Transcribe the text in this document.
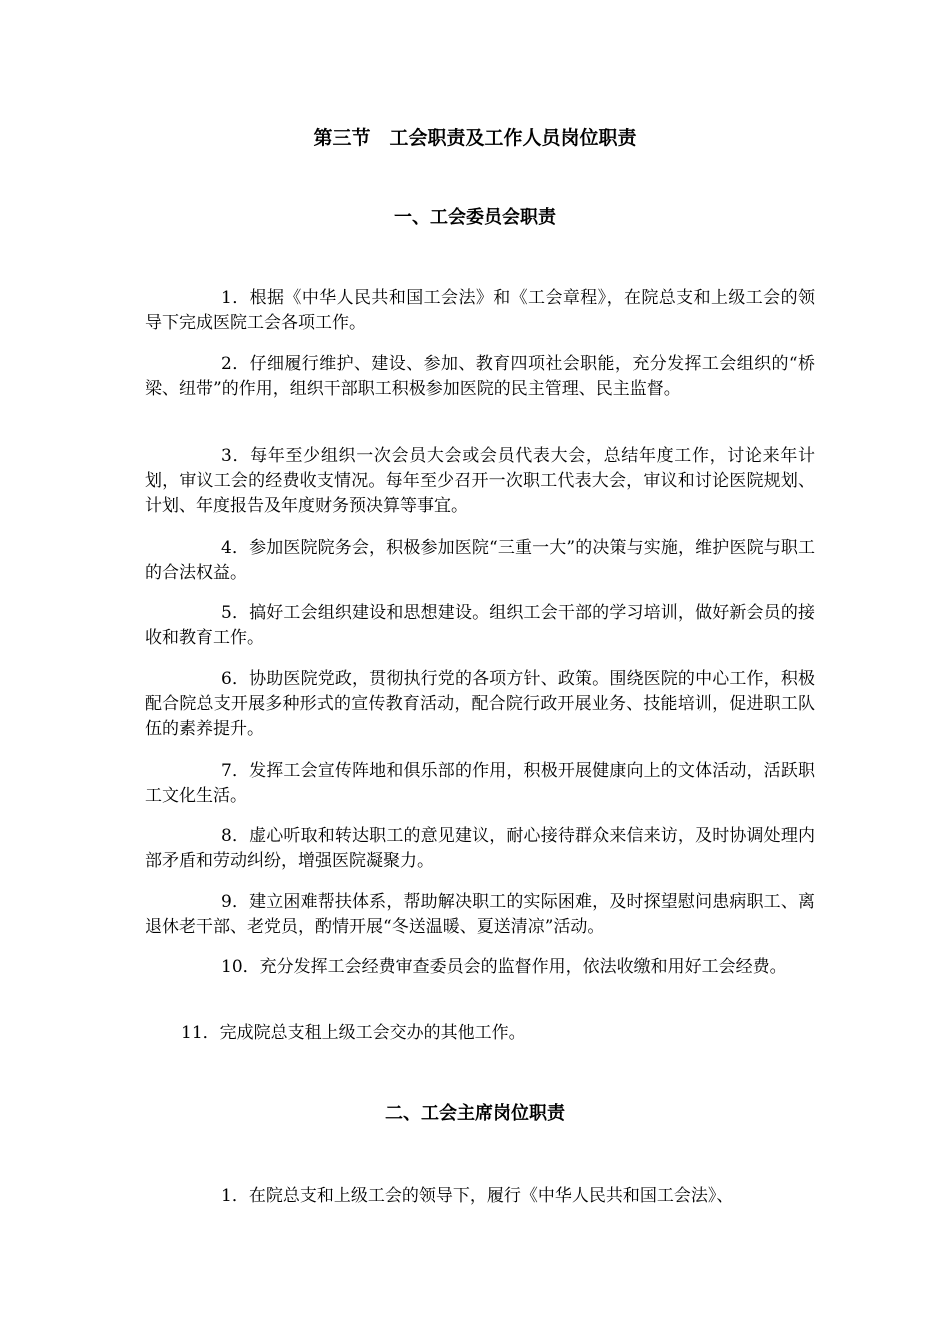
第三节　工会职责及工作人员岗位职责
一、工会委员会职责

1．根据《中华人民共和国工会法》和《工会章程》，在院总支和上级工会的领导下完成医院工会各项工作。

2．仔细履行维护、建设、参加、教育四项社会职能，充分发挥工会组织的“桥梁、纽带”的作用，组织干部职工积极参加医院的民主管理、民主监督。

3．每年至少组织一次会员大会或会员代表大会，总结年度工作，讨论来年计划，审议工会的经费收支情况。每年至少召开一次职工代表大会，审议和讨论医院规划、计划、年度报告及年度财务预决算等事宜。

4．参加医院院务会，积极参加医院“三重一大”的决策与实施，维护医院与职工的合法权益。

5．搞好工会组织建设和思想建设。组织工会干部的学习培训，做好新会员的接收和教育工作。

6．协助医院党政，贯彻执行党的各项方针、政策。围绕医院的中心工作，积极配合院总支开展多种形式的宣传教育活动，配合院行政开展业务、技能培训，促进职工队伍的素养提升。

7．发挥工会宣传阵地和俱乐部的作用，积极开展健康向上的文体活动，活跃职工文化生活。

8．虚心听取和转达职工的意见建议，耐心接待群众来信来访，及时协调处理内部矛盾和劳动纠纷，增强医院凝聚力。

9．建立困难帮扶体系，帮助解决职工的实际困难，及时探望慰问患病职工、离退休老干部、老党员，酌情开展“冬送温暖、夏送清凉”活动。

10．充分发挥工会经费审查委员会的监督作用，依法收缴和用好工会经费。

11．完成院总支租上级工会交办的其他工作。

二、工会主席岗位职责

1．在院总支和上级工会的领导下，履行《中华人民共和国工会法》、
